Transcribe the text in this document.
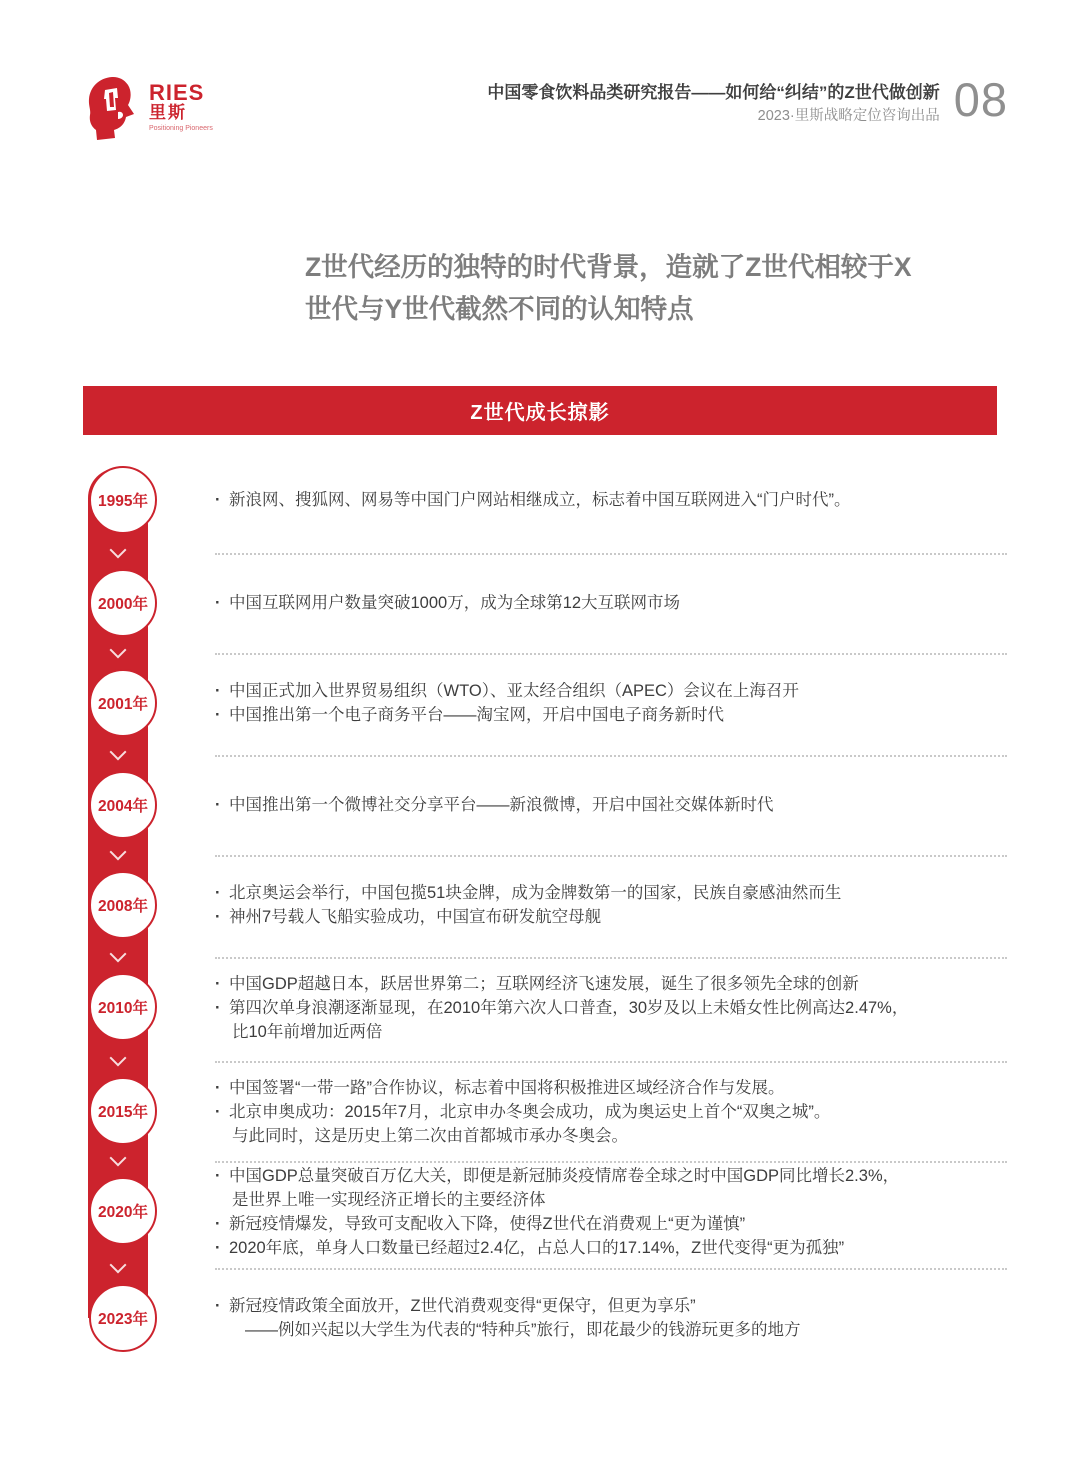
RIES
里斯
Positioning Pioneers
中国零食饮料品类研究报告——如何给“纠结”的Z世代做创新
2023·里斯战略定位咨询出品 08
Z世代经历的独特的时代背景，造就了Z世代相较于X世代与Y世代截然不同的认知特点
Z世代成长掠影
1995年	· 新浪网、搜狐网、网易等中国门户网站相继成立，标志着中国互联网进入“门户时代”。
2000年	· 中国互联网用户数量突破1000万，成为全球第12大互联网市场
2001年
· 中国正式加入世界贸易组织（WTO）、亚太经合组织（APEC）会议在上海召开
· 中国推出第一个电子商务平台——淘宝网，开启中国电子商务新时代
2004年	· 中国推出第一个微博社交分享平台——新浪微博，开启中国社交媒体新时代
2008年
· 北京奥运会举行，中国包揽51块金牌，成为金牌数第一的国家，民族自豪感油然而生
· 神州7号载人飞船实验成功，中国宣布研发航空母舰
2010年
· 中国GDP超越日本，跃居世界第二；互联网经济飞速发展，诞生了很多领先全球的创新
· 第四次单身浪潮逐渐显现，在2010年第六次人口普查，30岁及以上未婚女性比例高达2.47%，
比10年前增加近两倍
2015年
· 中国签署“一带一路”合作协议，标志着中国将积极推进区域经济合作与发展。
· 北京申奥成功：2015年7月，北京申办冬奥会成功，成为奥运史上首个“双奥之城”。
与此同时，这是历史上第二次由首都城市承办冬奥会。
2020年
· 中国GDP总量突破百万亿大关，即便是新冠肺炎疫情席卷全球之时中国GDP同比增长2.3%，
是世界上唯一实现经济正增长的主要经济体
· 新冠疫情爆发，导致可支配收入下降，使得Z世代在消费观上“更为谨慎”
· 2020年底，单身人口数量已经超过2.4亿，占总人口的17.14%，Z世代变得“更为孤独”
2023年
· 新冠疫情政策全面放开，Z世代消费观变得“更保守，但更为享乐”
——例如兴起以大学生为代表的“特种兵”旅行，即花最少的钱游玩更多的地方
